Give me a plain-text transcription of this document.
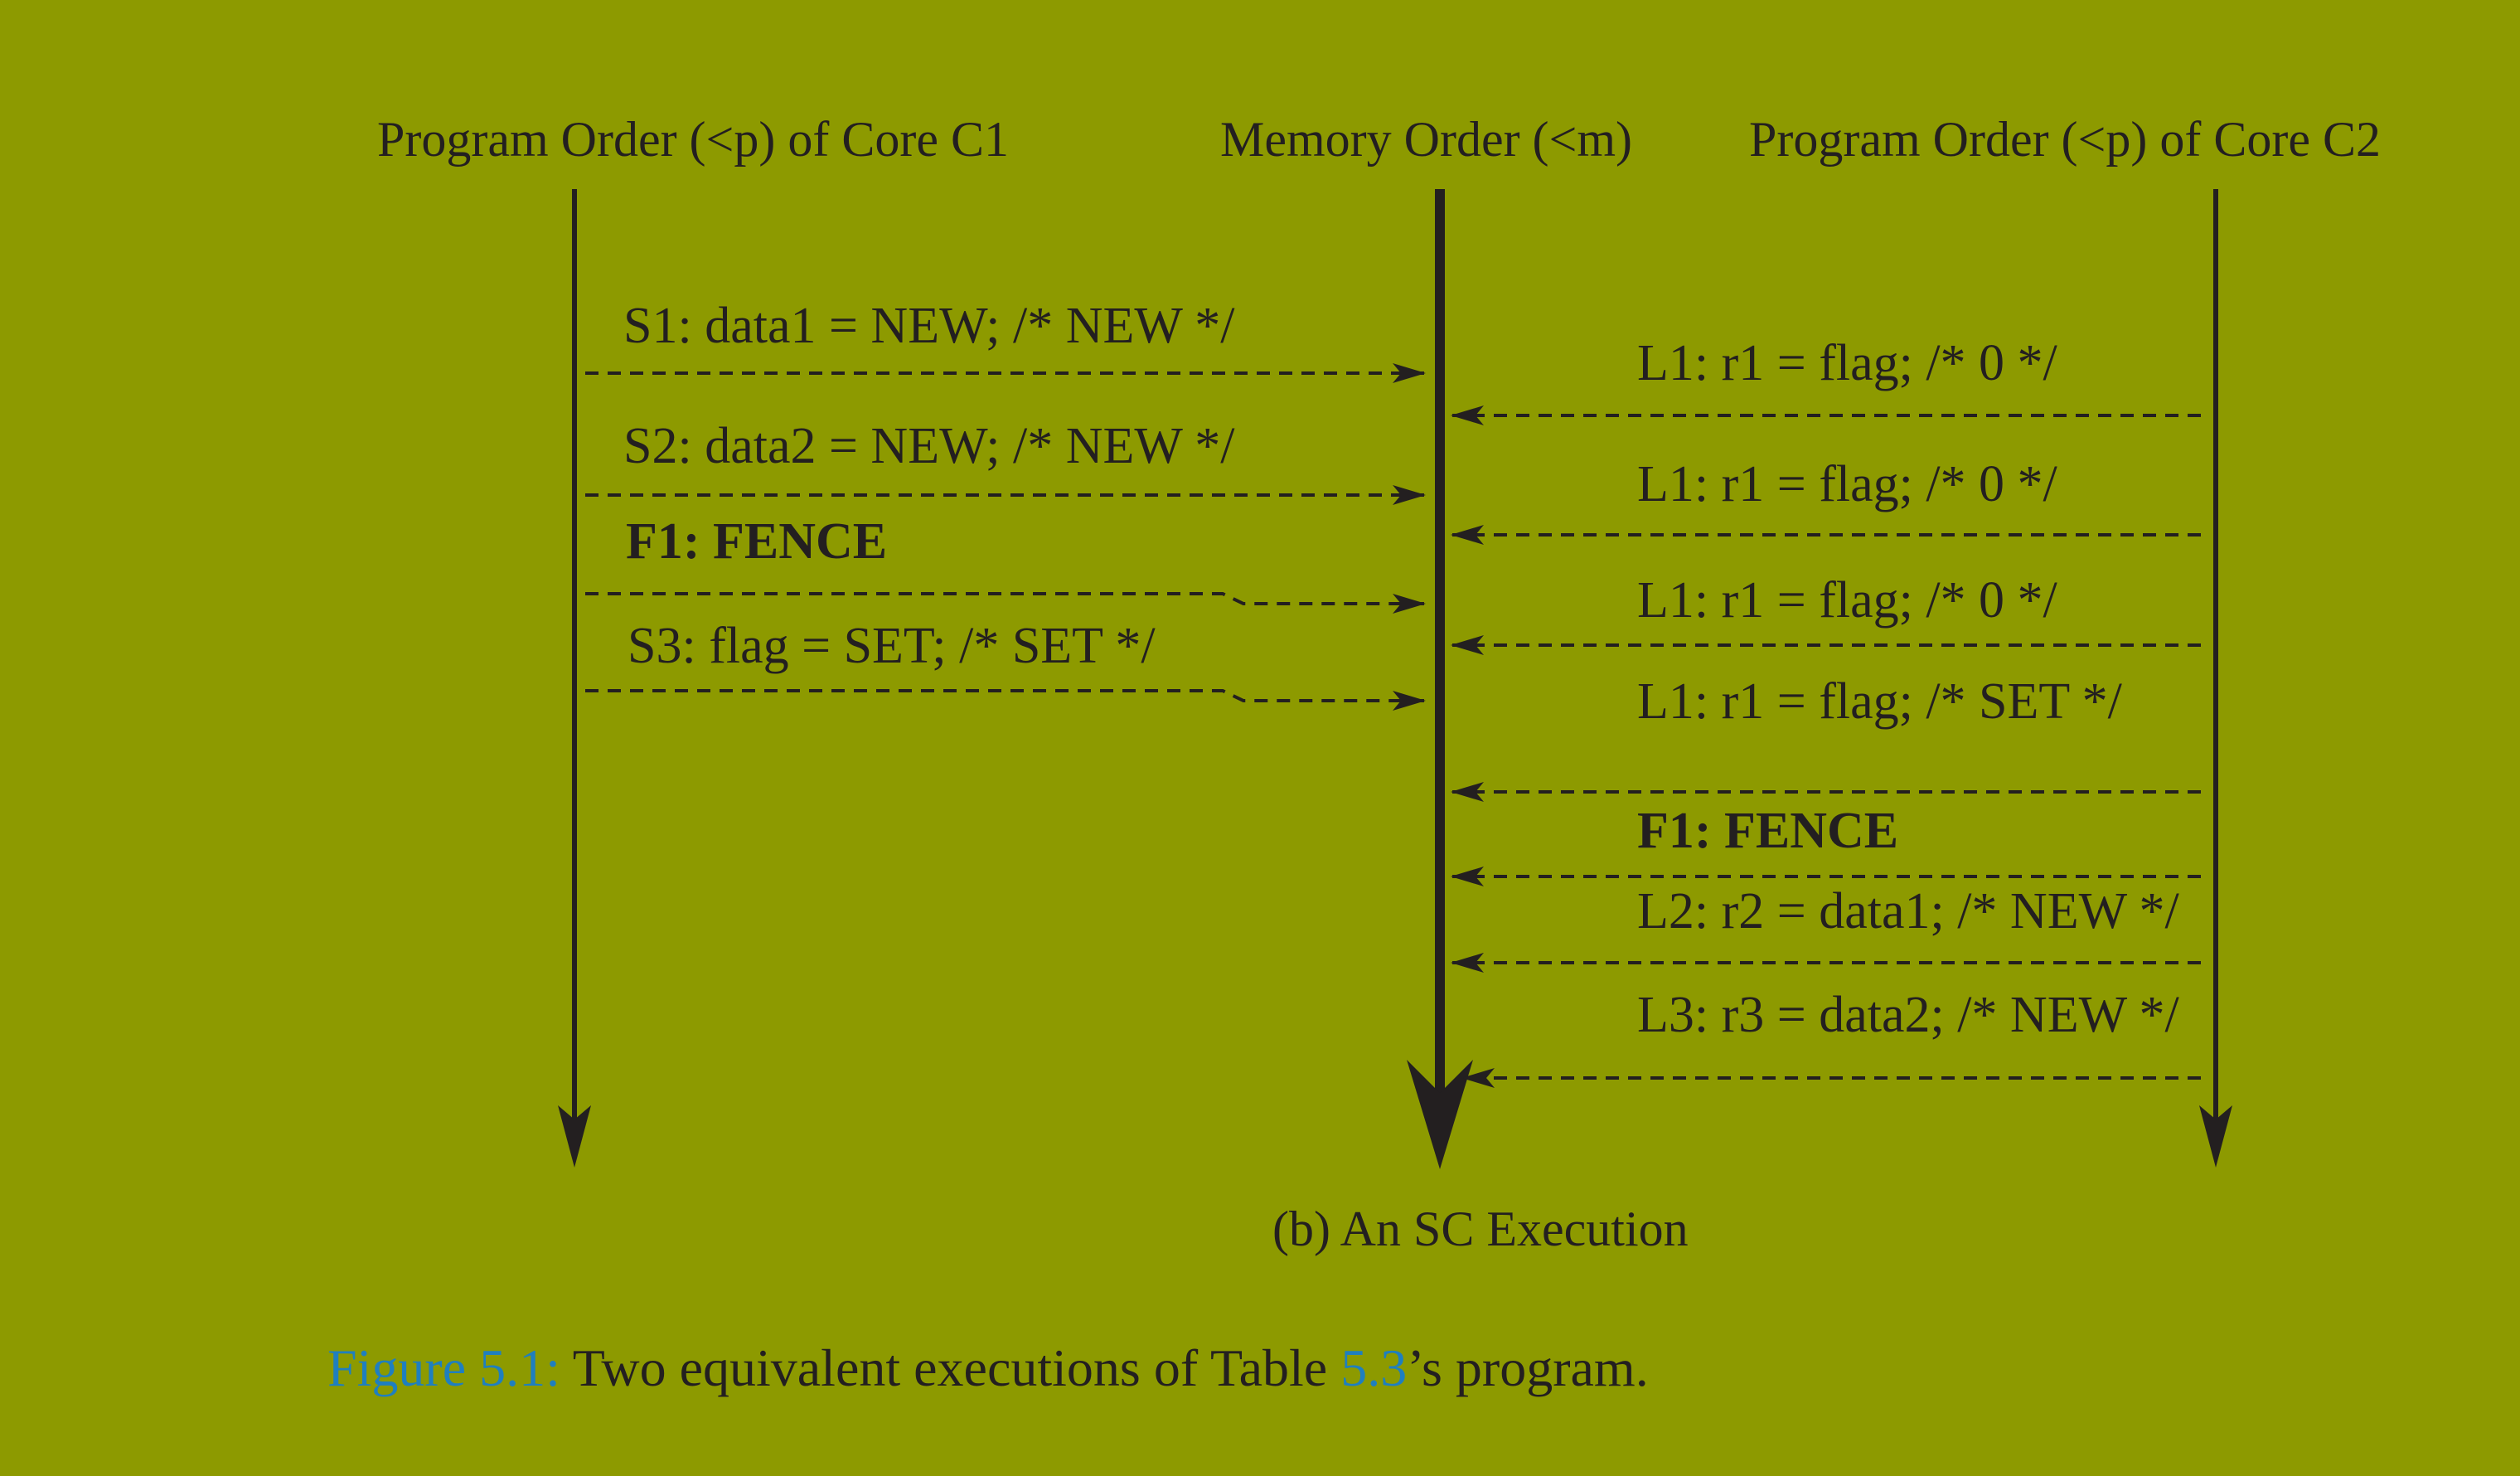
Program Order (<p) of Core C1	Memory Order (<m) Program Order (<p) of Core C2
S1: data1 = NEW; /* NEW */
S2: data2 = NEW; /* NEW */
F1: FENCE
S3: flag = SET; /* SET */
L1: r1 = flag; /* 0 */
L1: r1 = flag; /* 0 */
L1: r1 = flag; /* 0 */
L1: r1 = flag; /* SET */
F1: FENCE
L2: r2 = data1; /* NEW */
L3: r3 = data2; /* NEW */
(b) An SC Execution
Figure 5.1: Two equivalent executions of Table 5.3’s program.
